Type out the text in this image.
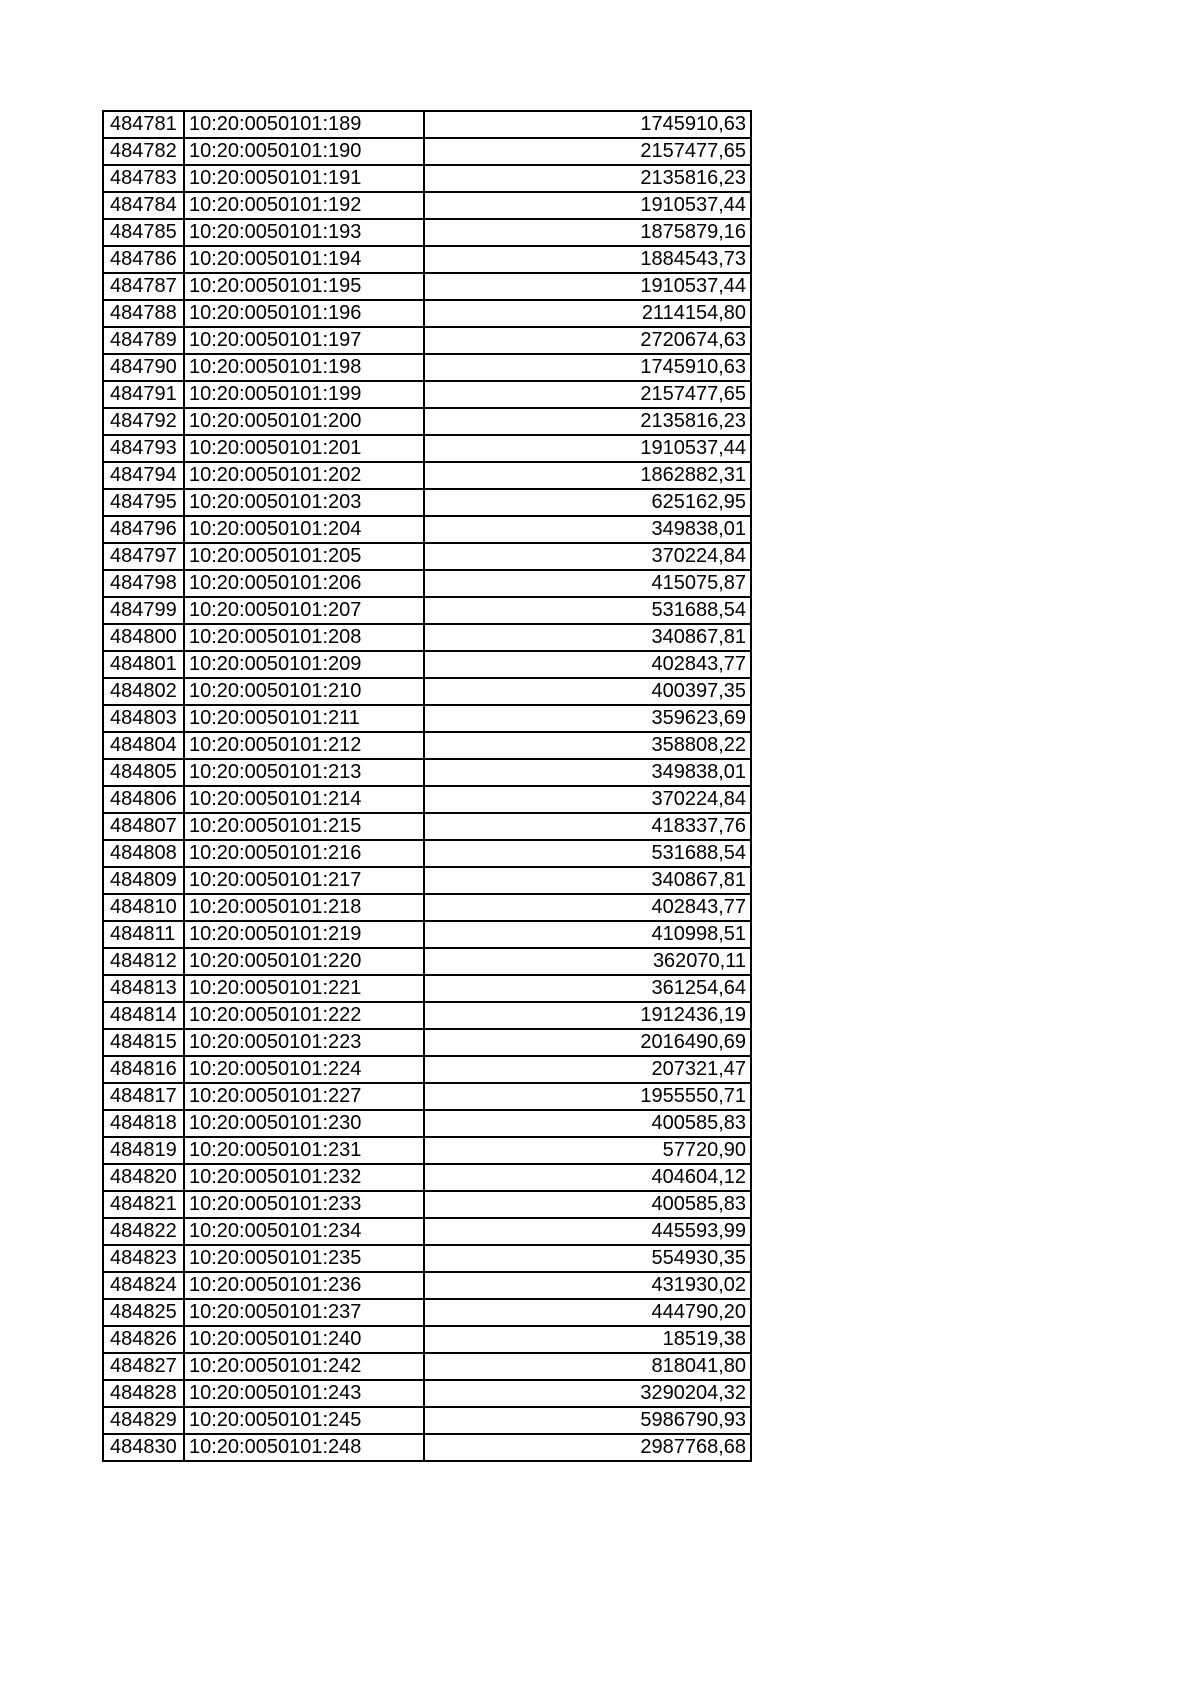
484781	10:20:0050101:189	1745910,63
484782	10:20:0050101:190	2157477,65
484783	10:20:0050101:191	2135816,23
484784	10:20:0050101:192	1910537,44
484785	10:20:0050101:193	1875879,16
484786	10:20:0050101:194	1884543,73
484787	10:20:0050101:195	1910537,44
484788	10:20:0050101:196	2114154,80
484789	10:20:0050101:197	2720674,63
484790	10:20:0050101:198	1745910,63
484791	10:20:0050101:199	2157477,65
484792	10:20:0050101:200	2135816,23
484793	10:20:0050101:201	1910537,44
484794	10:20:0050101:202	1862882,31
484795	10:20:0050101:203	625162,95
484796	10:20:0050101:204	349838,01
484797	10:20:0050101:205	370224,84
484798	10:20:0050101:206	415075,87
484799	10:20:0050101:207	531688,54
484800	10:20:0050101:208	340867,81
484801	10:20:0050101:209	402843,77
484802	10:20:0050101:210	400397,35
484803	10:20:0050101:211	359623,69
484804	10:20:0050101:212	358808,22
484805	10:20:0050101:213	349838,01
484806	10:20:0050101:214	370224,84
484807	10:20:0050101:215	418337,76
484808	10:20:0050101:216	531688,54
484809	10:20:0050101:217	340867,81
484810	10:20:0050101:218	402843,77
484811	10:20:0050101:219	410998,51
484812	10:20:0050101:220	362070,11
484813	10:20:0050101:221	361254,64
484814	10:20:0050101:222	1912436,19
484815	10:20:0050101:223	2016490,69
484816	10:20:0050101:224	207321,47
484817	10:20:0050101:227	1955550,71
484818	10:20:0050101:230	400585,83
484819	10:20:0050101:231	57720,90
484820	10:20:0050101:232	404604,12
484821	10:20:0050101:233	400585,83
484822	10:20:0050101:234	445593,99
484823	10:20:0050101:235	554930,35
484824	10:20:0050101:236	431930,02
484825	10:20:0050101:237	444790,20
484826	10:20:0050101:240	18519,38
484827	10:20:0050101:242	818041,80
484828	10:20:0050101:243	3290204,32
484829	10:20:0050101:245	5986790,93
484830	10:20:0050101:248	2987768,68
